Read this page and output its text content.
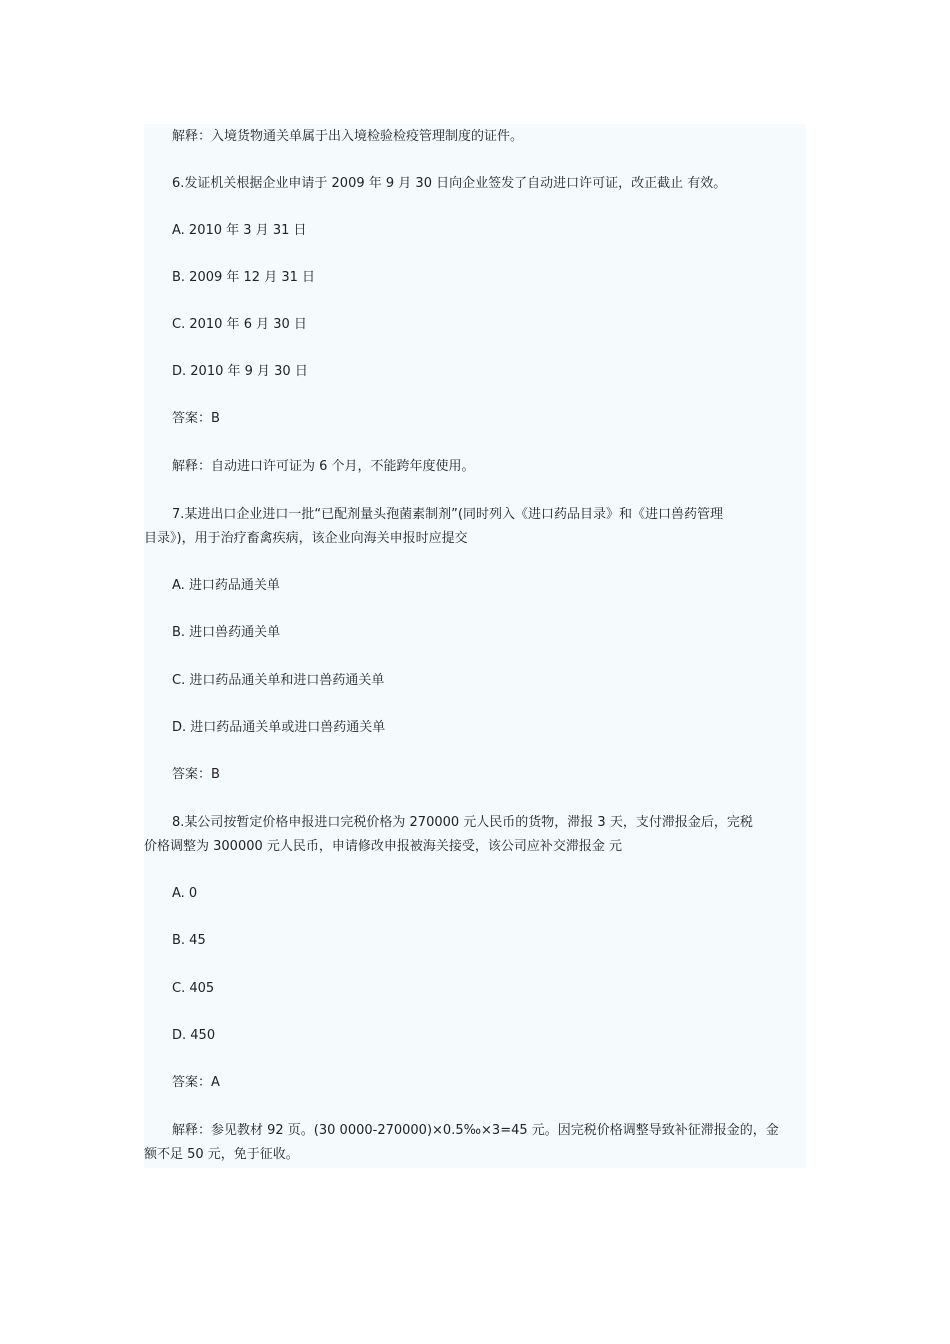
解释：入境货物通关单属于出入境检验检疫管理制度的证件。
6.发证机关根据企业申请于 2009 年 9 月 30 日向企业签发了自动进口许可证，改正截止 有效。
A. 2010 年 3 月 31 日
B. 2009 年 12 月 31 日
C. 2010 年 6 月 30 日
D. 2010 年 9 月 30 日
答案：B
解释：自动进口许可证为 6 个月，不能跨年度使用。
7.某进出口企业进口一批“已配剂量头孢菌素制剂”(同时列入《进口药品目录》和《进口兽药管理
目录》)，用于治疗畜禽疾病，该企业向海关申报时应提交
A. 进口药品通关单
B. 进口兽药通关单
C. 进口药品通关单和进口兽药通关单
D. 进口药品通关单或进口兽药通关单
答案：B
8.某公司按暂定价格申报进口完税价格为 270000 元人民币的货物，滞报 3 天，支付滞报金后，完税
价格调整为 300000 元人民币，申请修改申报被海关接受，该公司应补交滞报金 元
A. 0
B. 45
C. 405
D. 450
答案：A
解释：参见教材 92 页。(30 0000-270000)×0.5‰×3=45 元。因完税价格调整导致补征滞报金的，金
额不足 50 元，免于征收。
